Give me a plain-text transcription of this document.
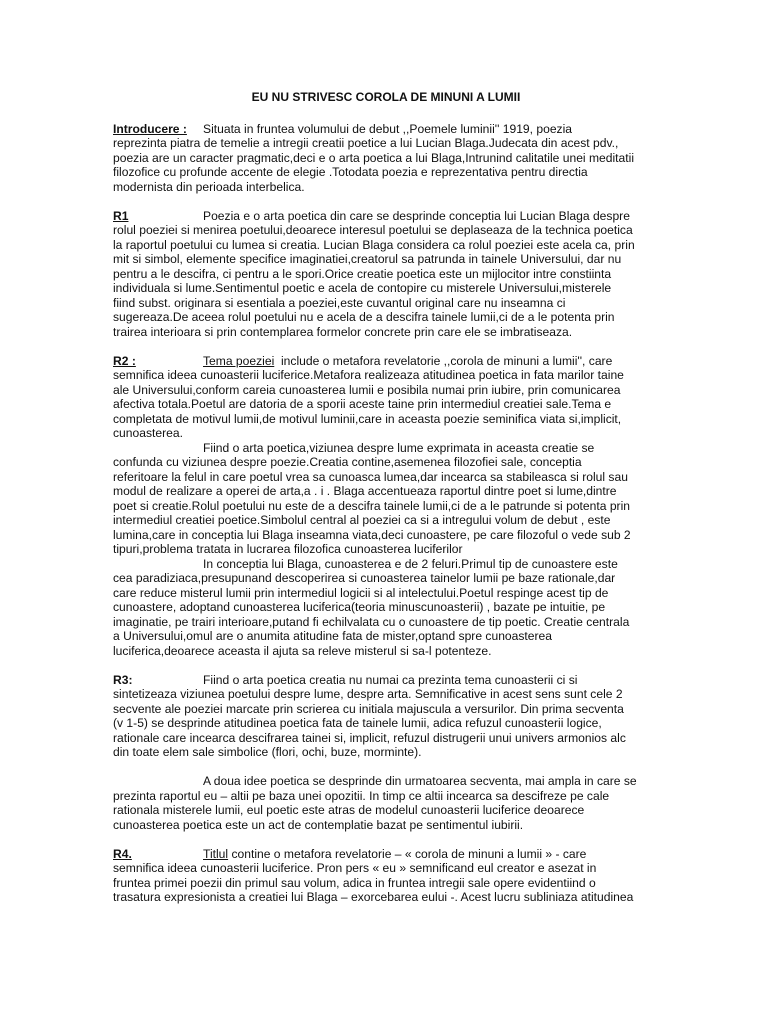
EU NU STRIVESC COROLA DE MINUNI A LUMII
Introducere : Situata in fruntea volumului de debut ,,Poemele luminii'' 1919, poezia
reprezinta piatra de temelie a intregii creatii poetice a lui Lucian Blaga.Judecata din acest pdv.,
poezia are un caracter pragmatic,deci e o arta poetica a lui Blaga,Intrunind calitatile unei meditatii
filozofice cu profunde accente de elegie .Totodata poezia e reprezentativa pentru directia
modernista din perioada interbelica.
R1	Poezia e o arta poetica din care se desprinde conceptia lui Lucian Blaga despre
rolul poeziei si menirea poetului,deoarece interesul poetului se deplaseaza de la technica poetica
la raportul poetului cu lumea si creatia. Lucian Blaga considera ca rolul poeziei este acela ca, prin
mit si simbol, elemente specifice imaginatiei,creatorul sa patrunda in tainele Universului, dar nu
pentru a le descifra, ci pentru a le spori.Orice creatie poetica este un mijlocitor intre constiinta
individuala si lume.Sentimentul poetic e acela de contopire cu misterele Universului,misterele
fiind subst. originara si esentiala a poeziei,este cuvantul original care nu inseamna ci
sugereaza.De aceea rolul poetului nu e acela de a descifra tainele lumii,ci de a le potenta prin
trairea interioara si prin contemplarea formelor concrete prin care ele se imbratiseaza.
R2 :	Tema poeziei  include o metafora revelatorie ,,corola de minuni a lumii'', care
semnifica ideea cunoasterii luciferice.Metafora realizeaza atitudinea poetica in fata marilor taine
ale Universului,conform careia cunoasterea lumii e posibila numai prin iubire, prin comunicarea
afectiva totala.Poetul are datoria de a sporii aceste taine prin intermediul creatiei sale.Tema e
completata de motivul lumii,de motivul luminii,care in aceasta poezie seminifica viata si,implicit,
cunoasterea.
Fiind o arta poetica,viziunea despre lume exprimata in aceasta creatie se
confunda cu viziunea despre poezie.Creatia contine,asemenea filozofiei sale, conceptia
referitoare la felul in care poetul vrea sa cunoasca lumea,dar incearca sa stabileasca si rolul sau
modul de realizare a operei de arta,a . i . Blaga accentueaza raportul dintre poet si lume,dintre
poet si creatie.Rolul poetului nu este de a descifra tainele lumii,ci de a le patrunde si potenta prin
intermediul creatiei poetice.Simbolul central al poeziei ca si a intregului volum de debut , este
lumina,care in conceptia lui Blaga inseamna viata,deci cunoastere, pe care filozoful o vede sub 2
tipuri,problema tratata in lucrarea filozofica cunoasterea luciferilor
In conceptia lui Blaga, cunoasterea e de 2 feluri.Primul tip de cunoastere este
cea paradiziaca,presupunand descoperirea si cunoasterea tainelor lumii pe baze rationale,dar
care reduce misterul lumii prin intermediul logicii si al intelectului.Poetul respinge acest tip de
cunoastere, adoptand cunoasterea luciferica(teoria minuscunoasterii) , bazate pe intuitie, pe
imaginatie, pe trairi interioare,putand fi echilvalata cu o cunoastere de tip poetic. Creatie centrala
a Universului,omul are o anumita atitudine fata de mister,optand spre cunoasterea
luciferica,deoarece aceasta il ajuta sa releve misterul si sa-l potenteze.
R3:	Fiind o arta poetica creatia nu numai ca prezinta tema cunoasterii ci si
sintetizeaza viziunea poetului despre lume, despre arta. Semnificative in acest sens sunt cele 2
secvente ale poeziei marcate prin scrierea cu initiala majuscula a versurilor. Din prima secventa
(v 1-5) se desprinde atitudinea poetica fata de tainele lumii, adica refuzul cunoasterii logice,
rationale care incearca descifrarea tainei si, implicit, refuzul distrugerii unui univers armonios alc
din toate elem sale simbolice (flori, ochi, buze, morminte).
A doua idee poetica se desprinde din urmatoarea secventa, mai ampla in care se
prezinta raportul eu – altii pe baza unei opozitii. In timp ce altii incearca sa descifreze pe cale
rationala misterele lumii, eul poetic este atras de modelul cunoasterii luciferice deoarece
cunoasterea poetica este un act de contemplatie bazat pe sentimentul iubirii.
R4.	Titlul contine o metafora revelatorie – « corola de minuni a lumii » - care
semnifica ideea cunoasterii luciferice. Pron pers « eu » semnificand eul creator e asezat in
fruntea primei poezii din primul sau volum, adica in fruntea intregii sale opere evidentiind o
trasatura expresionista a creatiei lui Blaga – exorcebarea eului -. Acest lucru subliniaza atitudinea
